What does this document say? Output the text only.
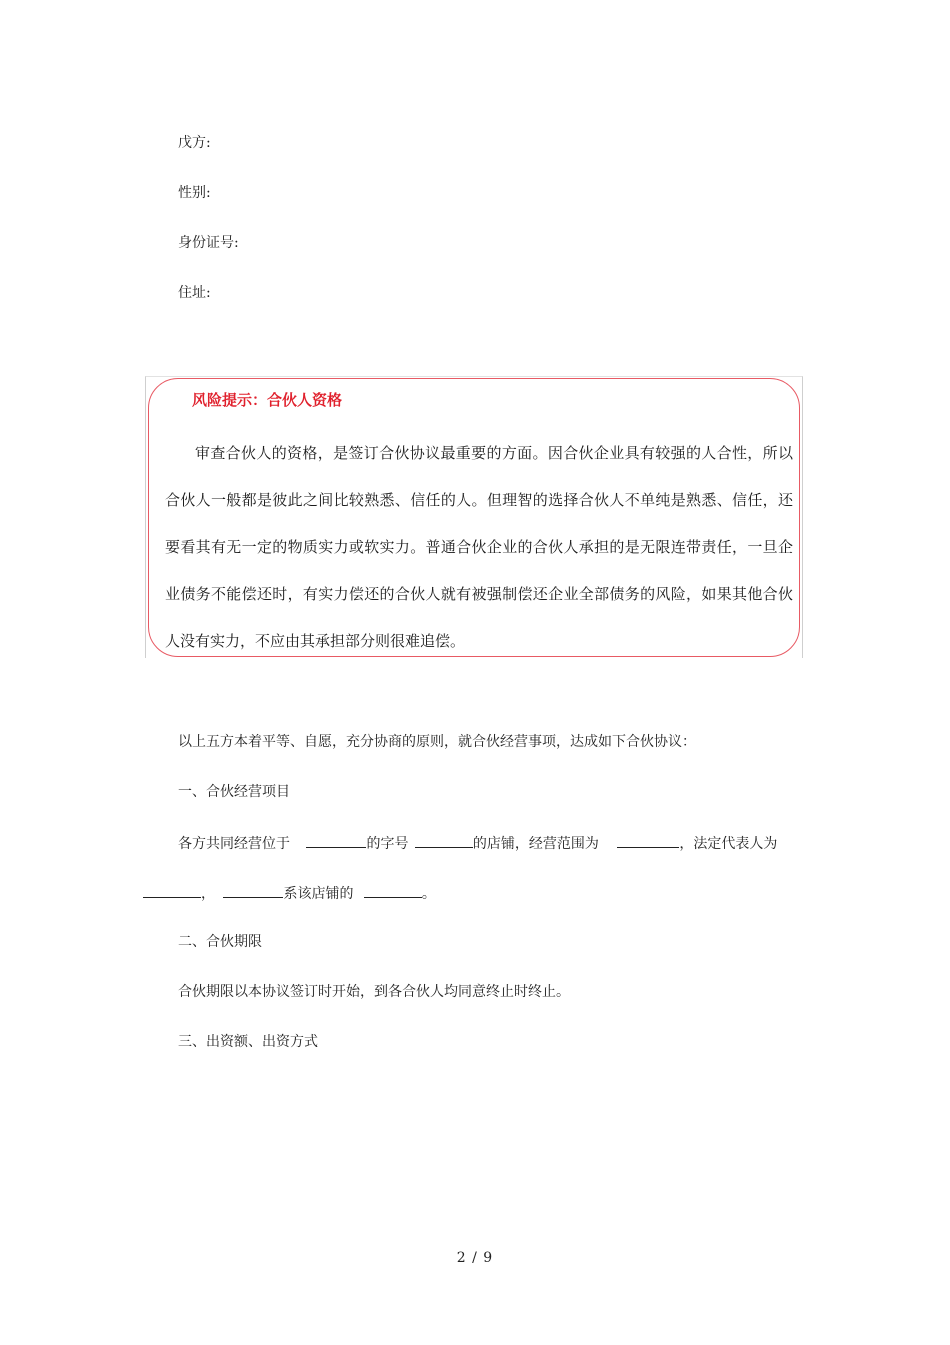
戊方:
性别:
身份证号:
住址:
风险提示：合伙人资格
审查合伙人的资格，是签订合伙协议最重要的方面。因合伙企业具有较强的人合性，所以合伙人一般都是彼此之间比较熟悉、信任的人。但理智的选择合伙人不单纯是熟悉、信任，还要看其有无一定的物质实力或软实力。普通合伙企业的合伙人承担的是无限连带责任，一旦企业债务不能偿还时，有实力偿还的合伙人就有被强制偿还企业全部债务的风险，如果其他合伙人没有实力，不应由其承担部分则很难追偿。
以上五方本着平等、自愿，充分协商的原则，就合伙经营事项，达成如下合伙协议：
一、合伙经营项目
各方共同经营位于	的字号	的店铺，经营范围为	，法定代表人为
，	系该店铺的	。
二、合伙期限
合伙期限以本协议签订时开始，到各合伙人均同意终止时终止。
三、出资额、出资方式
2 / 9
